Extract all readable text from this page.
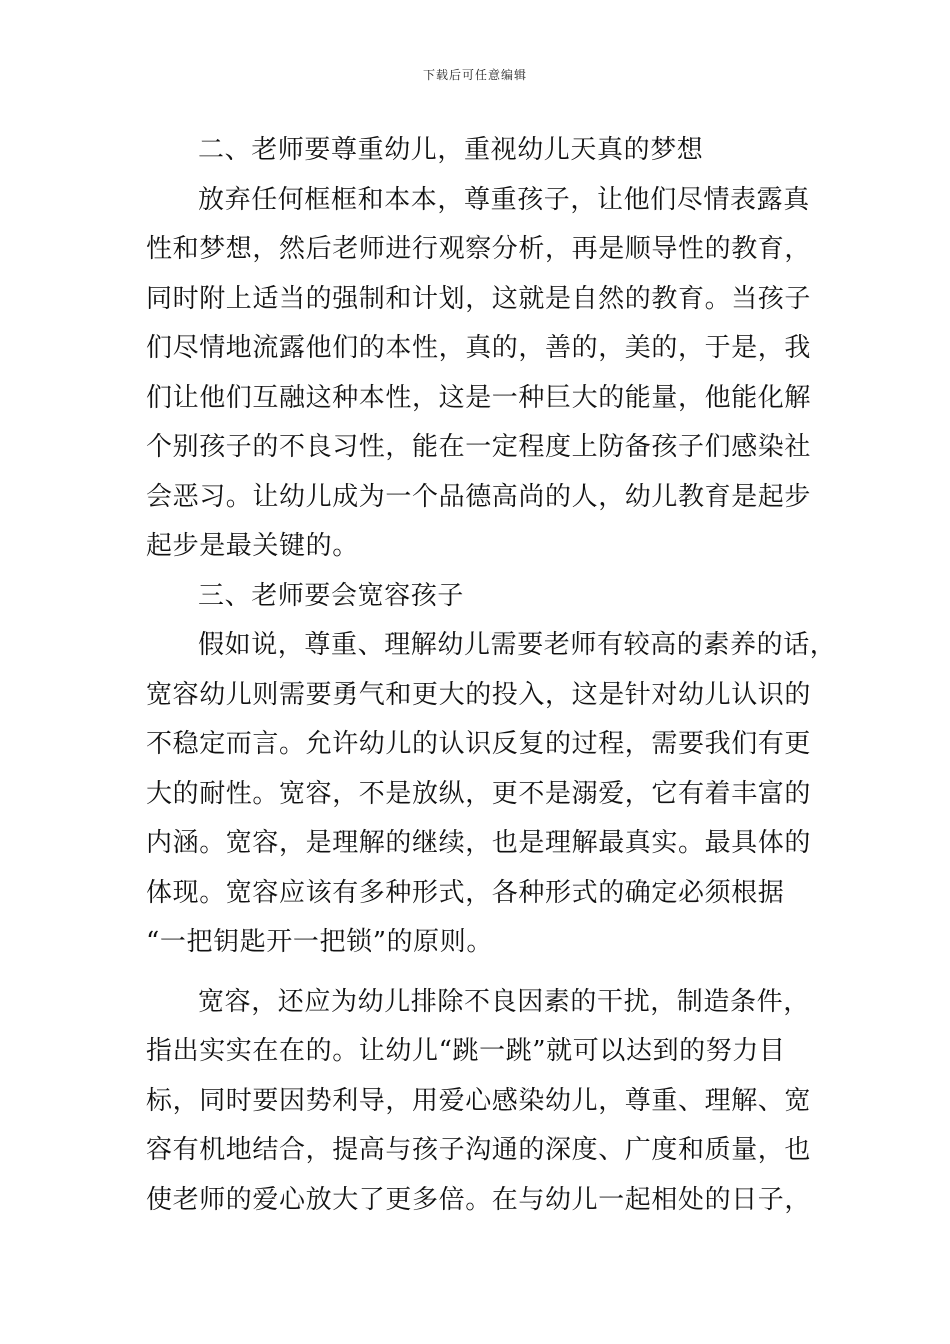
下载后可任意编辑
二、老师要尊重幼儿，重视幼儿天真的梦想
放弃任何框框和本本，尊重孩子，让他们尽情表露真
性和梦想，然后老师进行观察分析，再是顺导性的教育，
同时附上适当的强制和计划，这就是自然的教育。当孩子
们尽情地流露他们的本性，真的，善的，美的，于是，我
们让他们互融这种本性，这是一种巨大的能量，他能化解
个别孩子的不良习性，能在一定程度上防备孩子们感染社
会恶习。让幼儿成为一个品德高尚的人，幼儿教育是起步
起步是最关键的。
三、老师要会宽容孩子
假如说，尊重、理解幼儿需要老师有较高的素养的话，
宽容幼儿则需要勇气和更大的投入，这是针对幼儿认识的
不稳定而言。允许幼儿的认识反复的过程，需要我们有更
大的耐性。宽容，不是放纵，更不是溺爱，它有着丰富的
内涵。宽容，是理解的继续，也是理解最真实。最具体的
体现。宽容应该有多种形式，各种形式的确定必须根据
“一把钥匙开一把锁”的原则。
宽容，还应为幼儿排除不良因素的干扰，制造条件，
指出实实在在的。让幼儿“跳一跳”就可以达到的努力目
标，同时要因势利导，用爱心感染幼儿，尊重、理解、宽
容有机地结合，提高与孩子沟通的深度、广度和质量，也
使老师的爱心放大了更多倍。在与幼儿一起相处的日子，
